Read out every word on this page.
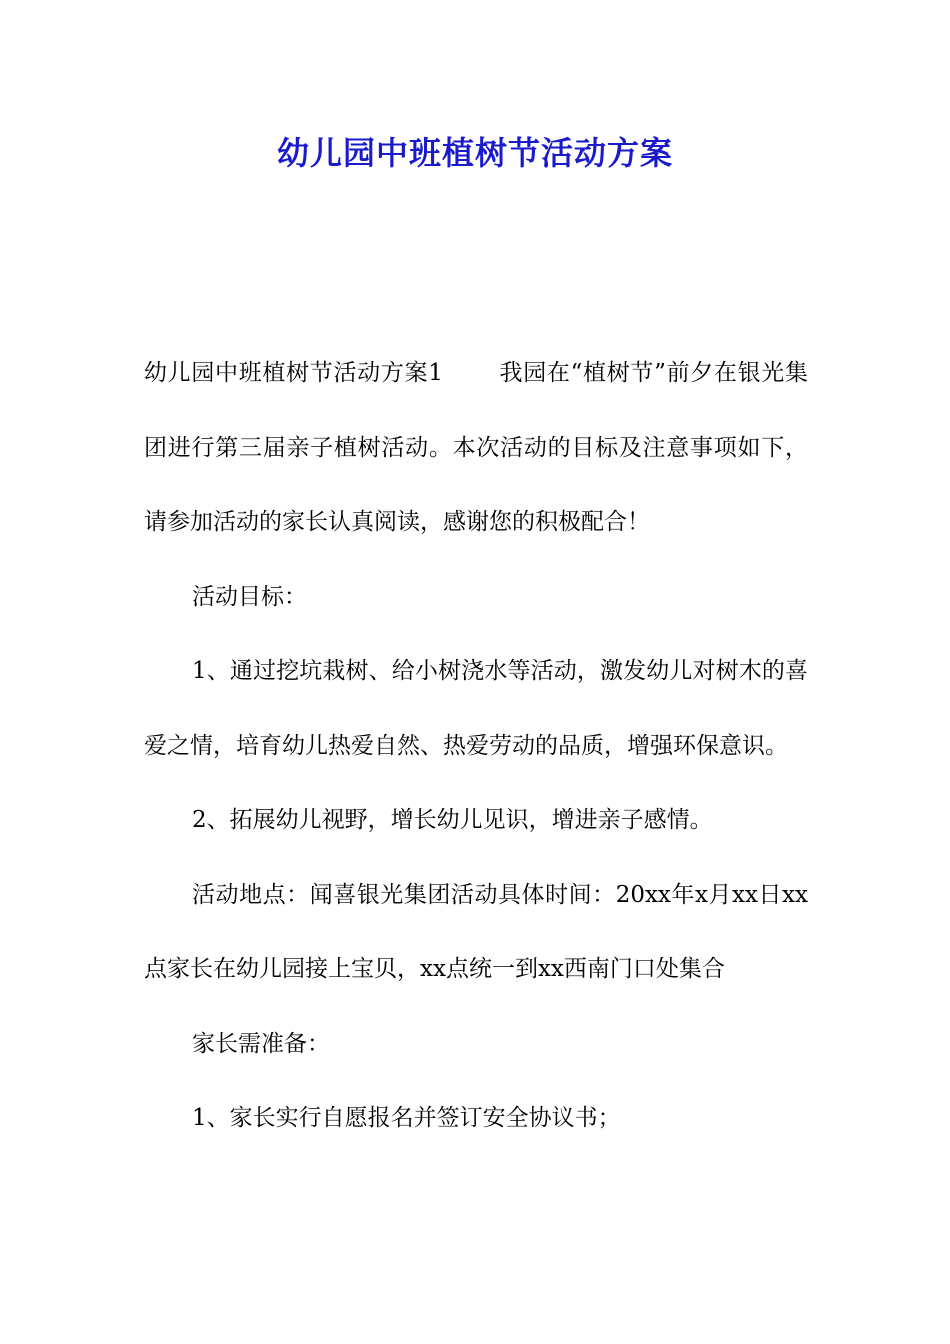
幼儿园中班植树节活动方案

幼儿园中班植树节活动方案1 我园在“植树节”前夕在银光集团进行第三届亲子植树活动。本次活动的目标及注意事项如下，请参加活动的家长认真阅读，感谢您的积极配合！

活动目标：

1、通过挖坑栽树、给小树浇水等活动，激发幼儿对树木的喜爱之情，培育幼儿热爱自然、热爱劳动的品质，增强环保意识。

2、拓展幼儿视野，增长幼儿见识，增进亲子感情。

活动地点：闻喜银光集团活动具体时间：20xx年x月xx日xx点家长在幼儿园接上宝贝，xx点统一到xx西南门口处集合

家长需准备：

1、家长实行自愿报名并签订安全协议书；
